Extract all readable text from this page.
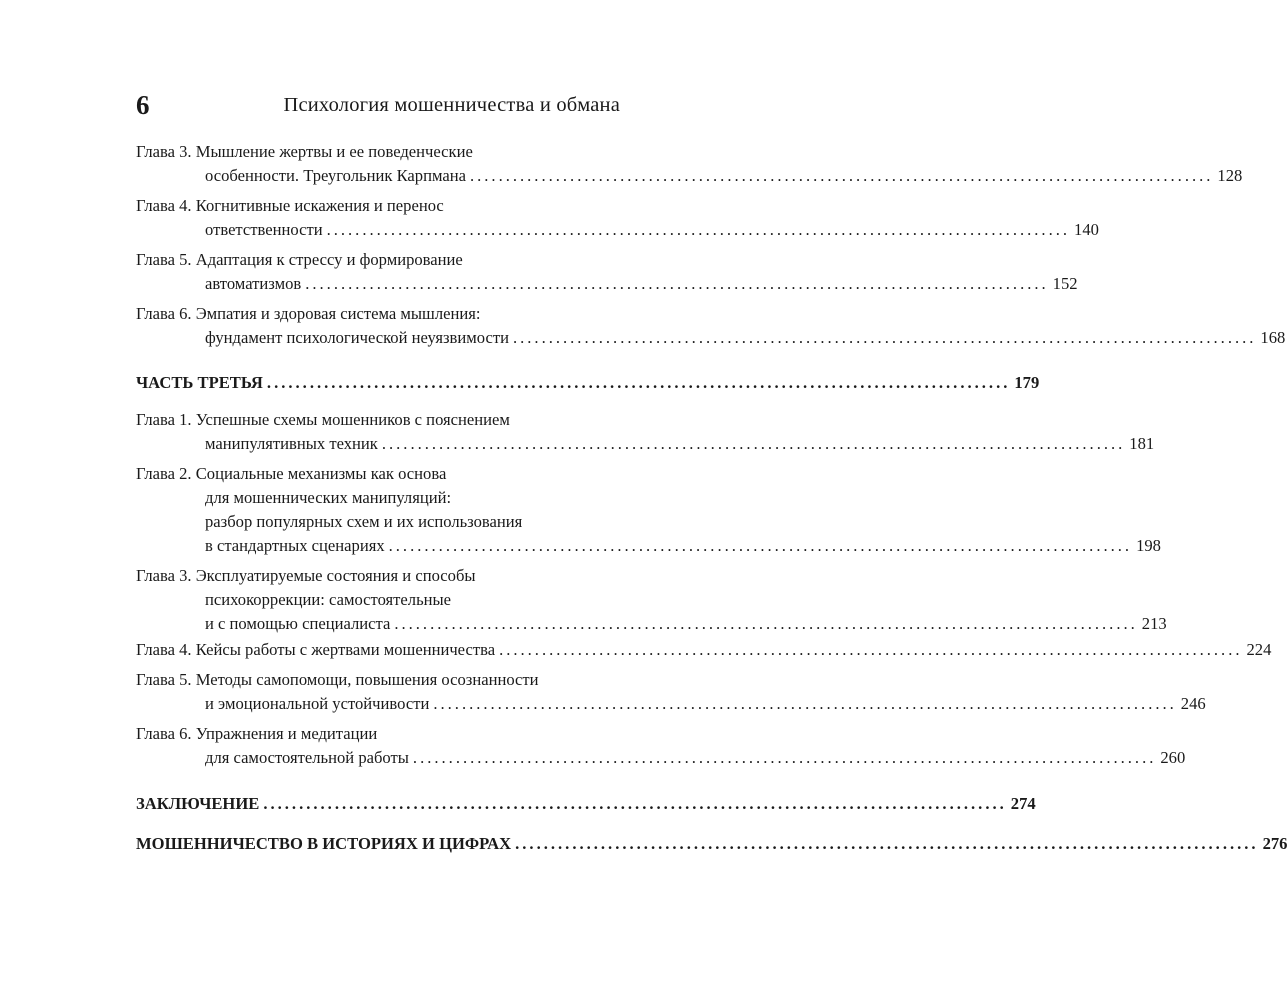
6	Психология мошенничества и обмана
Глава 3. Мышление жертвы и ее поведенческие
особенности. Треугольник Карпмана ........................................................................................................ 128
Глава 4. Когнитивные искажения и перенос
ответственности ........................................................................................................ 140
Глава 5. Адаптация к стрессу и формирование
автоматизмов ........................................................................................................ 152
Глава 6. Эмпатия и здоровая система мышления:
фундамент психологической неуязвимости ........................................................................................................ 168
ЧАСТЬ ТРЕТЬЯ ........................................................................................................ 179
Глава 1. Успешные схемы мошенников с пояснением
манипулятивных техник ........................................................................................................ 181
Глава 2. Социальные механизмы как основа
для мошеннических манипуляций:
разбор популярных схем и их использования
в стандартных сценариях ........................................................................................................ 198
Глава 3. Эксплуатируемые состояния и способы
психокоррекции: самостоятельные
и с помощью специалиста ........................................................................................................ 213
Глава 4. Кейсы работы с жертвами мошенничества ........................................................................................................ 224
Глава 5. Методы самопомощи, повышения осознанности
и эмоциональной устойчивости ........................................................................................................ 246
Глава 6. Упражнения и медитации
для самостоятельной работы ........................................................................................................ 260
ЗАКЛЮЧЕНИЕ ........................................................................................................ 274
МОШЕННИЧЕСТВО В ИСТОРИЯХ И ЦИФРАХ ........................................................................................................ 276
